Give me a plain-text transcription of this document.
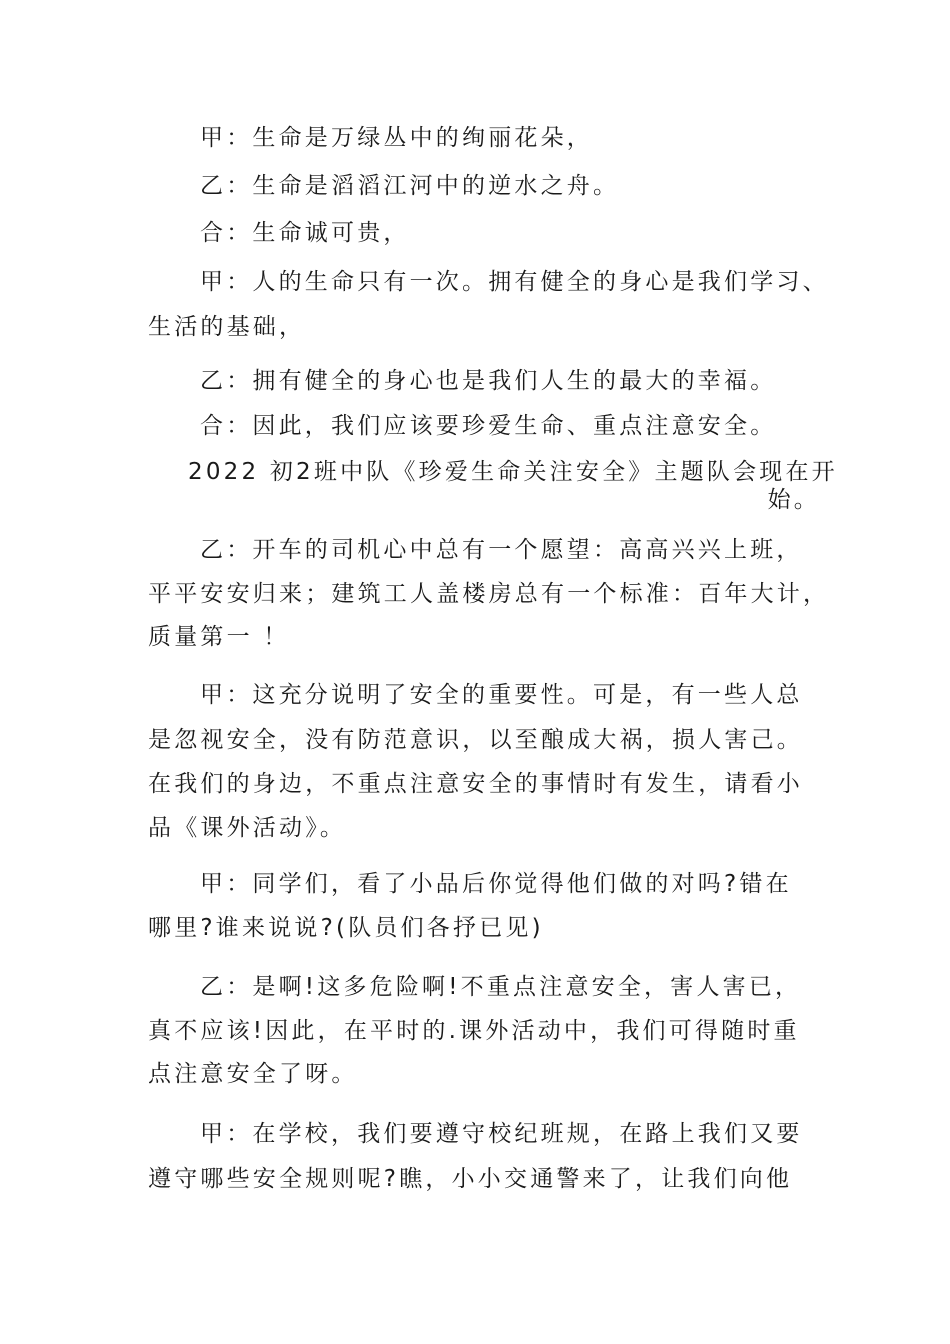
甲：生命是万绿丛中的绚丽花朵，
乙：生命是滔滔江河中的逆水之舟。
合：生命诚可贵，
甲：人的生命只有一次。拥有健全的身心是我们学习、
生活的基础，
乙：拥有健全的身心也是我们人生的最大的幸福。
合：因此，我们应该要珍爱生命、重点注意安全。
2022 初2班中队《珍爱生命关注安全》主题队会现在开
始。
乙：开车的司机心中总有一个愿望：高高兴兴上班，
平平安安归来；建筑工人盖楼房总有一个标准：百年大计，
质量第一 ！
甲：这充分说明了安全的重要性。可是，有一些人总
是忽视安全，没有防范意识，以至酿成大祸，损人害己。
在我们的身边，不重点注意安全的事情时有发生，请看小
品《课外活动》。
甲：同学们，看了小品后你觉得他们做的对吗?错在
哪里?谁来说说?(队员们各抒已见)
乙：是啊!这多危险啊!不重点注意安全，害人害已，
真不应该!因此，在平时的.课外活动中，我们可得随时重
点注意安全了呀。
甲：在学校，我们要遵守校纪班规，在路上我们又要
遵守哪些安全规则呢?瞧，小小交通警来了，让我们向他
